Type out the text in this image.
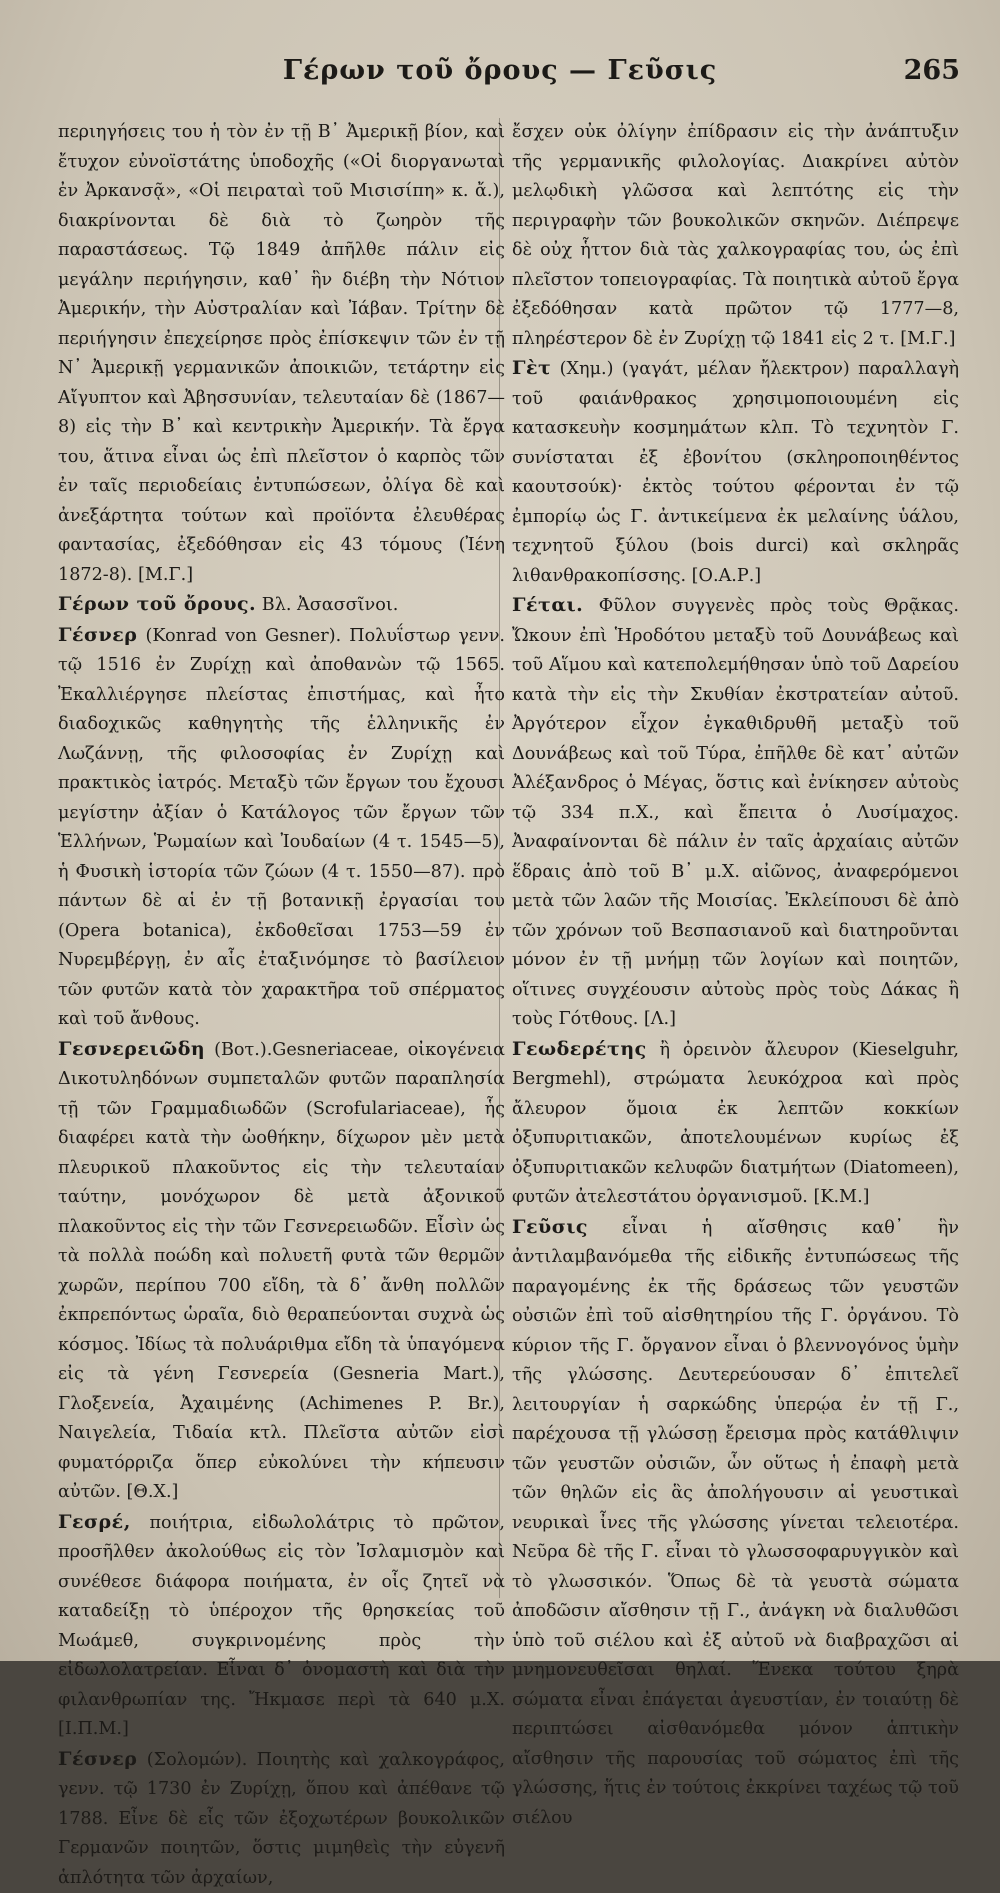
Γέρων τοῦ ὄρους — Γεῦσις	265

περιηγήσεις του ἡ τὸν ἐν τῇ Β᾽ Ἀμερικῇ βίον, καὶ ἔτυχον εὐνοϊστάτης ὑποδοχῆς («Οἱ διοργανωταὶ ἐν Ἀρκανσᾷ», «Οἱ πειραταὶ τοῦ Μισισίπη» κ. ἄ.), διακρίνονται δὲ διὰ τὸ ζωηρὸν τῆς παραστάσεως. Τῷ 1849 ἀπῆλθε πάλιν εἰς μεγάλην περιήγησιν, καθ᾽ ἣν διέβη τὴν Νότιον Ἀμερικήν, τὴν Αὐστραλίαν καὶ Ἰάβαν. Τρίτην δὲ περιήγησιν ἐπεχείρησε πρὸς ἐπίσκεψιν τῶν ἐν τῇ Ν᾽ Ἀμερικῇ γερμανικῶν ἀποικιῶν, τετάρτην εἰς Αἴγυπτον καὶ Ἀβησσυνίαν, τελευταίαν δὲ (1867—8) εἰς τὴν Β᾽ καὶ κεντρικὴν Ἀμερικήν. Τὰ ἔργα του, ἅτινα εἶναι ὡς ἐπὶ πλεῖστον ὁ καρπὸς τῶν ἐν ταῖς περιοδείαις ἐντυπώσεων, ὀλίγα δὲ καὶ ἀνεξάρτητα τούτων καὶ προϊόντα ἐλευθέρας φαντασίας, ἐξεδόθησαν εἰς 43 τόμους (Ἰένη 1872-8). [Μ.Γ.]

Γέρων τοῦ ὄρους. Βλ. Ἀσασσῖνοι.

Γέσνερ (Konrad von Gesner). Πολυΐστωρ γενν. τῷ 1516 ἐν Ζυρίχῃ καὶ ἀποθανὼν τῷ 1565. Ἐκαλλιέργησε πλείστας ἐπιστήμας, καὶ ἦτο διαδοχικῶς καθηγητὴς τῆς ἑλληνικῆς ἐν Λωζάννῃ, τῆς φιλοσοφίας ἐν Ζυρίχῃ καὶ πρακτικὸς ἰατρός. Μεταξὺ τῶν ἔργων του ἔχουσι μεγίστην ἀξίαν ὁ Κατάλογος τῶν ἔργων τῶν Ἑλλήνων, Ῥωμαίων καὶ Ἰουδαίων (4 τ. 1545—5), ἡ Φυσικὴ ἱστορία τῶν ζώων (4 τ. 1550—87). πρὸ πάντων δὲ αἱ ἐν τῇ βοτανικῇ ἐργασίαι του (Opera botanica), ἐκδοθεῖσαι 1753—59 ἐν Νυρεμβέργῃ, ἐν αἷς ἐταξινόμησε τὸ βασίλειον τῶν φυτῶν κατὰ τὸν χαρακτῆρα τοῦ σπέρματος καὶ τοῦ ἄνθους.

Γεσνερειῶδη (Βοτ.).Gesneriaceae, οἰκογένεια Δικοτυληδόνων συμπεταλῶν φυτῶν παραπλησία τῇ τῶν Γραμμαδιωδῶν (Scrofulariaceae), ἧς διαφέρει κατὰ τὴν ὠοθήκην, δίχωρον μὲν μετὰ πλευρικοῦ πλακοῦντος εἰς τὴν τελευταίαν ταύτην, μονόχωρον δὲ μετὰ ἀξονικοῦ πλακοῦντος εἰς τὴν τῶν Γεσνερειωδῶν. Εἶσὶν ὡς τὰ πολλὰ ποώδη καὶ πολυετῆ φυτὰ τῶν θερμῶν χωρῶν, περίπου 700 εἴδη, τὰ δ᾽ ἄνθη πολλῶν ἐκπρεπόντως ὡραῖα, διὸ θεραπεύονται συχνὰ ὡς κόσμος. Ἰδίως τὰ πολυάριθμα εἴδη τὰ ὑπαγόμενα εἰς τὰ γένη Γεσνερεία (Gesneria Mart.), Γλοξενεία, Ἀχαιμένης (Achimenes P. Br.), Ναιγελεία, Τιδαία κτλ. Πλεῖστα αὐτῶν εἰσὶ φυματόρριζα ὅπερ εὐκολύνει τὴν κήπευσιν αὐτῶν. [Θ.Χ.]

Γεσρέ, ποιήτρια, εἰδωλολάτρις τὸ πρῶτον, προσῆλθεν ἀκολούθως εἰς τὸν Ἰσλαμισμὸν καὶ συνέθεσε διάφορα ποιήματα, ἐν οἷς ζητεῖ νὰ καταδείξῃ τὸ ὑπέροχον τῆς θρησκείας τοῦ Μωάμεθ, συγκρινομένης πρὸς τὴν εἰδωλολατρείαν. Εἶναι δ᾽ ὀνομαστὴ καὶ διὰ τὴν φιλανθρωπίαν της. Ἤκμασε περὶ τὰ 640 μ.Χ. [Ι.Π.Μ.]

Γέσνερ (Σολομών). Ποιητὴς καὶ χαλκογράφος, γενν. τῷ 1730 ἐν Ζυρίχῃ, ὅπου καὶ ἀπέθανε τῷ 1788. Εἶνε δὲ εἷς τῶν ἐξοχωτέρων βουκολικῶν Γερμανῶν ποιητῶν, ὅστις μιμηθεὶς τὴν εὐγενῆ ἁπλότητα τῶν ἀρχαίων,

ἔσχεν οὐκ ὀλίγην ἐπίδρασιν εἰς τὴν ἀνάπτυξιν τῆς γερμανικῆς φιλολογίας. Διακρίνει αὐτὸν μελῳδικὴ γλῶσσα καὶ λεπτότης εἰς τὴν περιγραφὴν τῶν βουκολικῶν σκηνῶν. Διέπρεψε δὲ οὐχ ἧττον διὰ τὰς χαλκογραφίας του, ὡς ἐπὶ πλεῖστον τοπειογραφίας. Τὰ ποιητικὰ αὐτοῦ ἔργα ἐξεδόθησαν κατὰ πρῶτον τῷ 1777—8, πληρέστερον δὲ ἐν Ζυρίχῃ τῷ 1841 εἰς 2 τ. [Μ.Γ.]

Γὲτ (Χημ.) (γαγάτ, μέλαν ἤλεκτρον) παραλλαγὴ τοῦ φαιάνθρακος χρησιμοποιουμένη εἰς κατασκευὴν κοσμημάτων κλπ. Τὸ τεχνητὸν Γ. συνίσταται ἐξ ἐβονίτου (σκληροποιηθέντος καουτσούκ)· ἐκτὸς τούτου φέρονται ἐν τῷ ἐμπορίῳ ὡς Γ. ἀντικείμενα ἐκ μελαίνης ὑάλου, τεχνητοῦ ξύλου (bois durci) καὶ σκληρᾶς λιθανθρακοπίσσης. [Ο.Α.Ρ.]

Γέται. Φῦλον συγγενὲς πρὸς τοὺς Θρᾷκας. Ὤκουν ἐπὶ Ἡροδότου μεταξὺ τοῦ Δουνάβεως καὶ τοῦ Αἵμου καὶ κατεπολεμήθησαν ὑπὸ τοῦ Δαρείου κατὰ τὴν εἰς τὴν Σκυθίαν ἐκστρατείαν αὐτοῦ. Ἀργότερον εἶχον ἐγκαθιδρυθῆ μεταξὺ τοῦ Δουνάβεως καὶ τοῦ Τύρα, ἐπῆλθε δὲ κατ᾽ αὐτῶν Ἀλέξανδρος ὁ Μέγας, ὅστις καὶ ἐνίκησεν αὐτοὺς τῷ 334 π.Χ., καὶ ἔπειτα ὁ Λυσίμαχος. Ἀναφαίνονται δὲ πάλιν ἐν ταῖς ἀρχαίαις αὐτῶν ἕδραις ἀπὸ τοῦ Β᾽ μ.Χ. αἰῶνος, ἀναφερόμενοι μετὰ τῶν λαῶν τῆς Μοισίας. Ἐκλείπουσι δὲ ἀπὸ τῶν χρόνων τοῦ Βεσπασιανοῦ καὶ διατηροῦνται μόνον ἐν τῇ μνήμῃ τῶν λογίων καὶ ποιητῶν, οἵτινες συγχέουσιν αὐτοὺς πρὸς τοὺς Δάκας ἢ τοὺς Γότθους. [Λ.]

Γεωδερέτης ἢ ὀρεινὸν ἄλευρον (Kieselguhr, Bergmehl), στρώματα λευκόχροα καὶ πρὸς ἄλευρον ὅμοια ἐκ λεπτῶν κοκκίων ὀξυπυριτιακῶν, ἀποτελουμένων κυρίως ἐξ ὀξυπυριτιακῶν κελυφῶν διατμήτων (Diatomeen), φυτῶν ἀτελεστάτου ὀργανισμοῦ. [Κ.Μ.]

Γεῦσις εἶναι ἡ αἴσθησις καθ᾽ ἣν ἀντιλαμβανόμεθα τῆς εἰδικῆς ἐντυπώσεως τῆς παραγομένης ἐκ τῆς δράσεως τῶν γευστῶν οὐσιῶν ἐπὶ τοῦ αἰσθητηρίου τῆς Γ. ὀργάνου. Τὸ κύριον τῆς Γ. ὄργανον εἶναι ὁ βλεννογόνος ὑμὴν τῆς γλώσσης. Δευτερεύουσαν δ᾽ ἐπιτελεῖ λειτουργίαν ἡ σαρκώδης ὑπερῴα ἐν τῇ Γ., παρέχουσα τῇ γλώσσῃ ἔρεισμα πρὸς κατάθλιψιν τῶν γευστῶν οὐσιῶν, ὧν οὕτως ἡ ἐπαφὴ μετὰ τῶν θηλῶν εἰς ἃς ἀπολήγουσιν αἱ γευστικαὶ νευρικαὶ ἶνες τῆς γλώσσης γίνεται τελειοτέρα. Νεῦρα δὲ τῆς Γ. εἶναι τὸ γλωσσοφαρυγγικὸν καὶ τὸ γλωσσικόν. Ὅπως δὲ τὰ γευστὰ σώματα ἀποδῶσιν αἴσθησιν τῇ Γ., ἀνάγκη νὰ διαλυθῶσι ὑπὸ τοῦ σιέλου καὶ ἐξ αὐτοῦ νὰ διαβραχῶσι αἱ μνημονευθεῖσαι θηλαί. Ἕνεκα τούτου ξηρὰ σώματα εἶναι ἐπάγεται ἀγευστίαν, ἐν τοιαύτῃ δὲ περιπτώσει αἰσθανόμεθα μόνον ἁπτικὴν αἴσθησιν τῆς παρουσίας τοῦ σώματος ἐπὶ τῆς γλώσσης, ἥτις ἐν τούτοις ἐκκρίνει ταχέως τῷ τοῦ σιέλου
